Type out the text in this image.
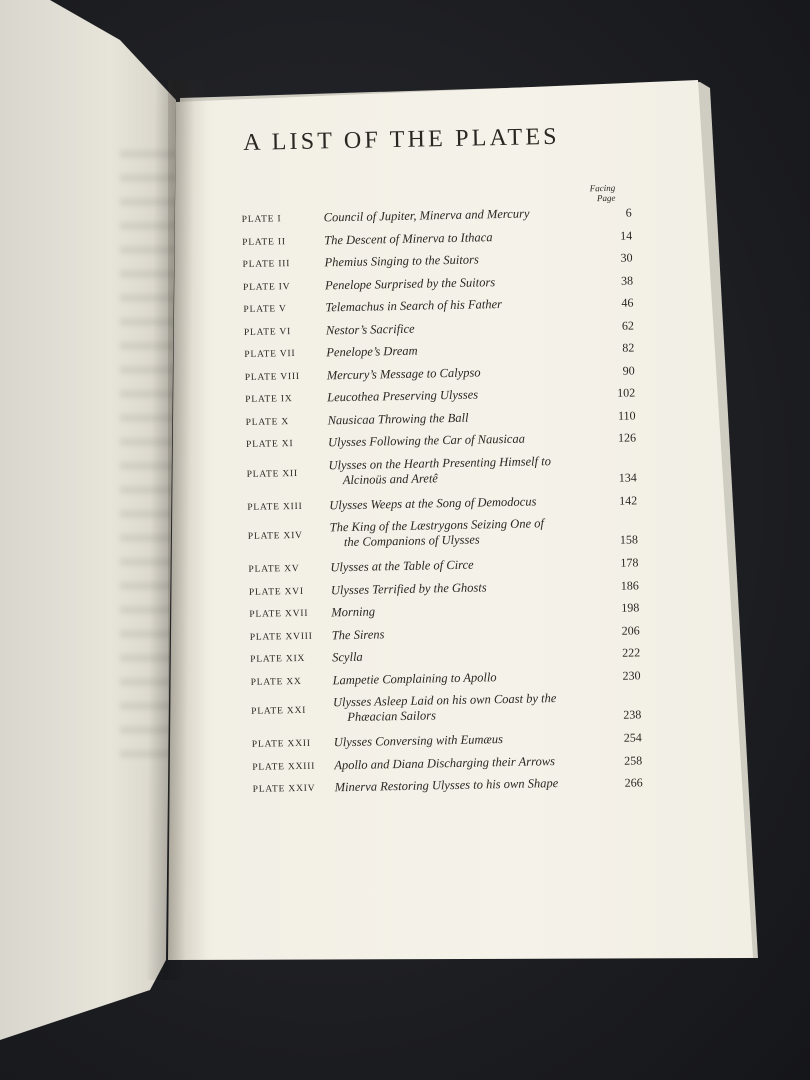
A LIST OF THE PLATES
Facing
Page
PLATE I	Council of Jupiter, Minerva and Mercury	6
PLATE II	The Descent of Minerva to Ithaca	14
PLATE III	Phemius Singing to the Suitors	30
PLATE IV	Penelope Surprised by the Suitors	38
PLATE V	Telemachus in Search of his Father	46
PLATE VI	Nestor’s Sacrifice	62
PLATE VII	Penelope’s Dream	82
PLATE VIII	Mercury’s Message to Calypso	90
PLATE IX	Leucothea Preserving Ulysses	102
PLATE X	Nausicaa Throwing the Ball	110
PLATE XI	Ulysses Following the Car of Nausicaa	126
PLATE XII
Ulysses on the Hearth Presenting Himself to
Alcinoüs and Aretê	134
PLATE XIII	Ulysses Weeps at the Song of Demodocus	142
PLATE XIV
The King of the Læstrygons Seizing One of
the Companions of Ulysses	158
PLATE XV	Ulysses at the Table of Circe	178
PLATE XVI	Ulysses Terrified by the Ghosts	186
PLATE XVII	Morning	198
PLATE XVIII	The Sirens	206
PLATE XIX	Scylla	222
PLATE XX	Lampetie Complaining to Apollo	230
PLATE XXI
Ulysses Asleep Laid on his own Coast by the
Phæacian Sailors	238
PLATE XXII	Ulysses Conversing with Eumæus	254
PLATE XXIII	Apollo and Diana Discharging their Arrows	258
PLATE XXIV	Minerva Restoring Ulysses to his own Shape	266
